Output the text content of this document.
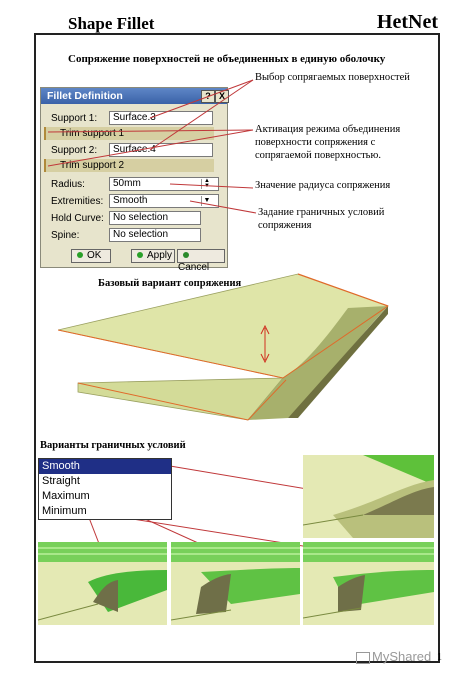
Shape Fillet	HetNet
Сопряжение поверхностей не объединенных в единую оболочку
Fillet Definition	? X
Support 1:	Surface.3
Trim support 1
Support 2:	Surface.4
Trim support 2
Radius:	50mm	▲
▼
Extremities: Smooth	▼
Hold Curve: No selection
Spine:	No selection
OK	Apply
Cancel
Выбор сопрягаемых поверхностей
Активация режима объединения
поверхности сопряжения с
сопрягаемой поверхностью.
Значение радиуса сопряжения
Задание граничных условий
сопряжения
Базовый вариант сопряжения
Варианты граничных условий
Smooth
Straight
Maximum
Minimum
MyShared 1
